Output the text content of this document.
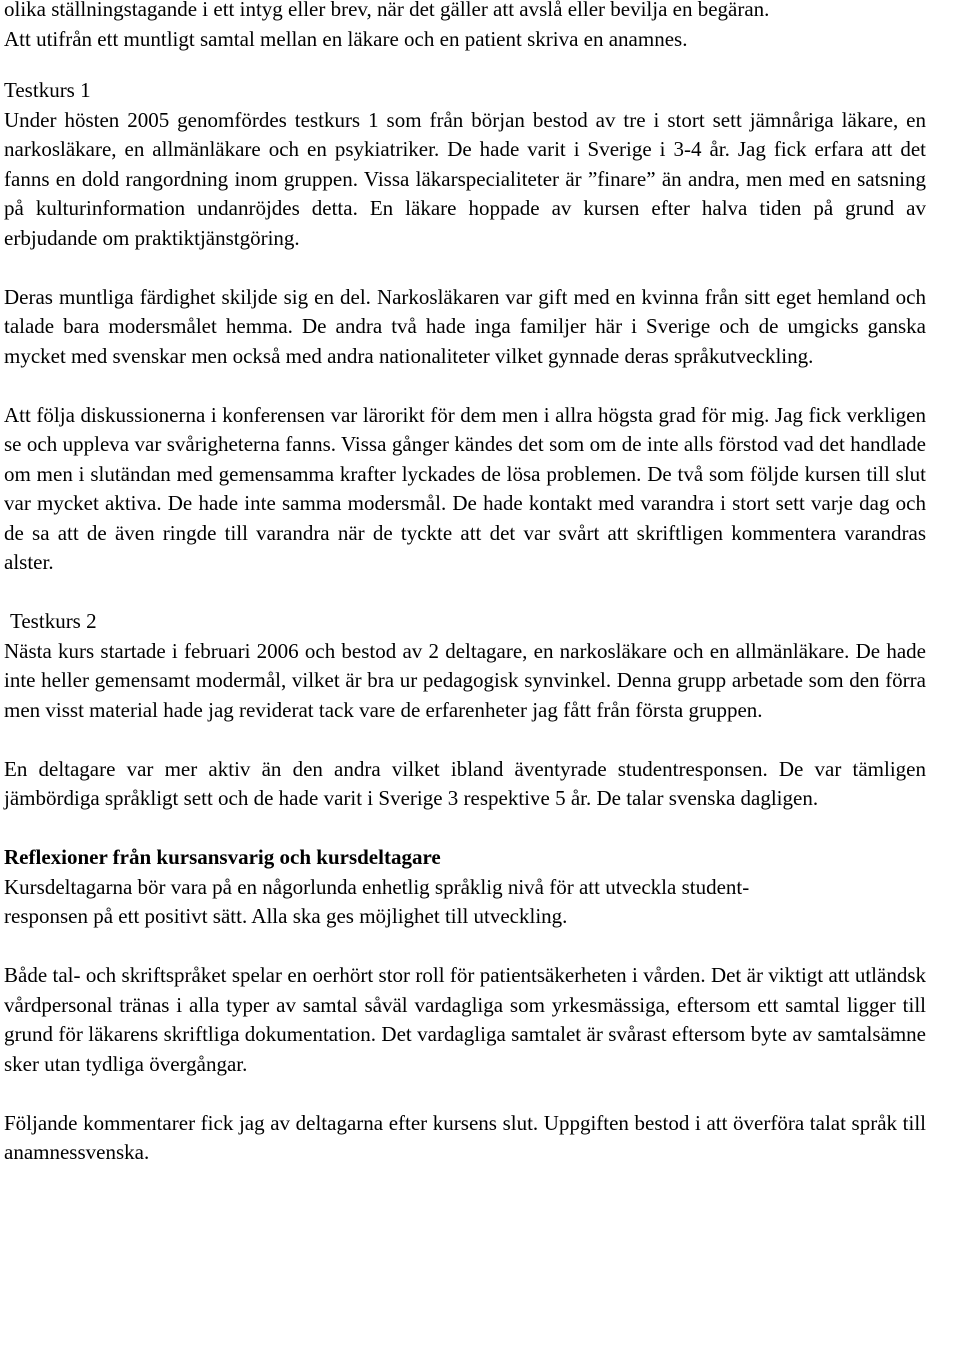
olika ställningstagande i ett intyg eller brev, när det gäller att avslå eller bevilja en begäran.

Att utifrån ett muntligt samtal mellan en läkare och en patient skriva en anamnes.

Testkurs 1

Under hösten 2005 genomfördes testkurs 1 som från början bestod av tre i stort sett jämnåriga läkare, en narkosläkare, en allmänläkare och en psykiatriker. De hade varit i Sverige i 3-4 år. Jag fick erfara att det fanns en dold rangordning inom gruppen. Vissa läkarspecialiteter är ”finare” än andra, men med en satsning på kulturinformation undanröjdes detta. En läkare hoppade av kursen efter halva tiden på grund av erbjudande om praktiktjänstgöring.

Deras muntliga färdighet skiljde sig en del. Narkosläkaren var gift med en kvinna från sitt eget hemland och talade bara modersmålet hemma. De andra två hade inga familjer här i Sverige och de umgicks ganska mycket med svenskar men också med andra nationaliteter vilket gynnade deras språkutveckling.

Att följa diskussionerna i konferensen var lärorikt för dem men i allra högsta grad för mig. Jag fick verkligen se och uppleva var svårigheterna fanns. Vissa gånger kändes det som om de inte alls förstod vad det handlade om men i slutändan med gemensamma krafter lyckades de lösa problemen. De två som följde kursen till slut var mycket aktiva. De hade inte samma modersmål. De hade kontakt med varandra i stort sett varje dag och de sa att de även ringde till varandra när de tyckte att det var svårt att skriftligen kommentera varandras alster.

Testkurs 2

Nästa kurs startade i februari 2006 och bestod av 2 deltagare, en narkosläkare och en allmänläkare. De hade inte heller gemensamt modermål, vilket är bra ur pedagogisk synvinkel. Denna grupp arbetade som den förra men visst material hade jag reviderat tack vare de erfarenheter jag fått från första gruppen.

En deltagare var mer aktiv än den andra vilket ibland äventyrade studentresponsen. De var tämligen jämbördiga språkligt sett och de hade varit i Sverige 3 respektive 5 år. De talar svenska dagligen.

Reflexioner från kursansvarig och kursdeltagare

Kursdeltagarna bör vara på en någorlunda enhetlig språklig nivå för att utveckla student-

responsen på ett positivt sätt. Alla ska ges möjlighet till utveckling.

Både tal- och skriftspråket spelar en oerhört stor roll för patientsäkerheten i vården. Det är viktigt att utländsk vårdpersonal tränas i alla typer av samtal såväl vardagliga som yrkesmässiga, eftersom ett samtal ligger till grund för läkarens skriftliga dokumentation. Det vardagliga samtalet är svårast eftersom byte av samtalsämne sker utan tydliga övergångar.

Följande kommentarer fick jag av deltagarna efter kursens slut. Uppgiften bestod i att överföra talat språk till anamnessvenska.
